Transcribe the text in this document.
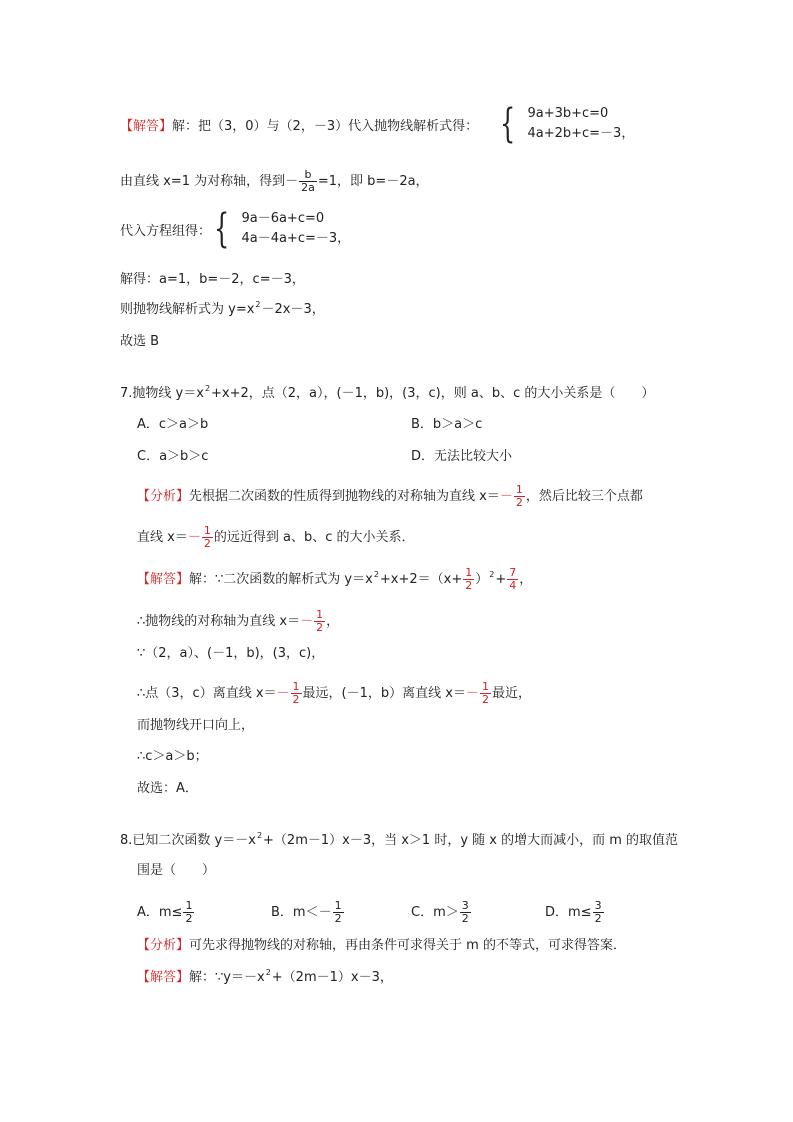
【解答】解：把（3，0）与（2，－3）代入抛物线解析式得： { 9a+3b+c=0
4a+2b+c=－3 ，
由直线 x=1 为对称轴，得到－ $\frac{b}{2a} =1$，即 b=－2a，
代入方程组得： { 9a－6a+c=0
4a－4a+c=－3 ，
解得：a=1，b=－2，c=－3，
则抛物线解析式为 $y=x^2-2x-3$，
故选 B
7.抛物线 $y=x^2+x+2$，点（2，a），(－1，b)，(3，c)，则 a、b、c 的大小关系是（　　）
A．c＞a＞b	B．b＞a＞c
C．a＞b＞c	D．无法比较大小
【分析】先根据二次函数的性质得到抛物线的对称轴为直线 $x=- \frac{1}{2}$ ，然后比较三个点都
直线 $x=- \frac{1}{2}$ 的远近得到 a、b、c 的大小关系．
【解答】解：∵二次函数的解析式为 $y=x^2+x+2=(x+ \frac{1}{2} )^2+ \frac{7}{4}$ ，
∴抛物线的对称轴为直线 $x=- \frac{1}{2}$ ，
∵（2，a）、(－1，b)，(3，c)，
∴点（3，c）离直线 $x=- \frac{1}{2}$ 最远，(－1，b）离直线 $x=- \frac{1}{2}$ 最近，
而抛物线开口向上，
∴c＞a＞b；
故选：A．
8.已知二次函数 $y=-x^2+(2m-1)x-3$，当 x＞1 时，y 随 x 的增大而减小，而 m 的取值范
围是（　　）
A．$m\le \frac{1}{2}$	B．$m<- \frac{1}{2}$	C．$m> \frac{3}{2}$	D．$m\le \frac{3}{2}$
【分析】可先求得抛物线的对称轴，再由条件可求得关于 m 的不等式，可求得答案．
【解答】解：$\because y=-x^2+(2m-1)x-3$，
